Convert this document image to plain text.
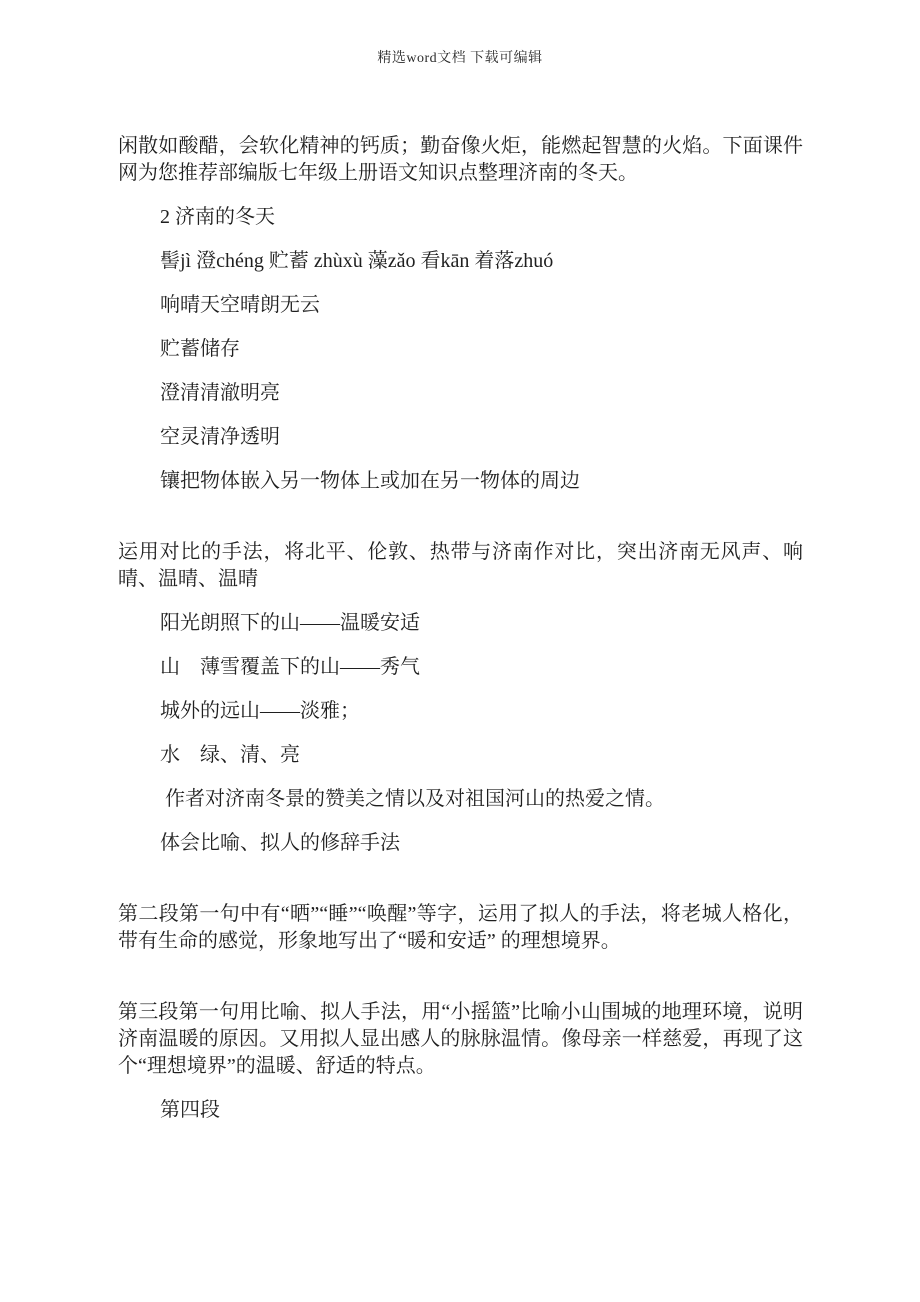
精选word文档 下载可编辑

闲散如酸醋，会软化精神的钙质；勤奋像火炬，能燃起智慧的火焰。下面课件网为您推荐部编版七年级上册语文知识点整理济南的冬天。

2 济南的冬天

髻jì 澄chéng 贮蓄 zhùxù 藻zǎo 看kān 着落zhuó

响晴天空晴朗无云

贮蓄储存

澄清清澈明亮

空灵清净透明

镶把物体嵌入另一物体上或加在另一物体的周边

运用对比的手法，将北平、伦敦、热带与济南作对比，突出济南无风声、响晴、温晴、温晴

阳光朗照下的山——温暖安适

山　薄雪覆盖下的山——秀气

城外的远山——淡雅；

水　绿、清、亮

作者对济南冬景的赞美之情以及对祖国河山的热爱之情。

体会比喻、拟人的修辞手法

第二段第一句中有“晒”“睡”“唤醒”等字，运用了拟人的手法，将老城人格化，带有生命的感觉，形象地写出了“暖和安适” 的理想境界。

第三段第一句用比喻、拟人手法，用“小摇篮”比喻小山围城的地理环境，说明济南温暖的原因。又用拟人显出感人的脉脉温情。像母亲一样慈爱，再现了这个“理想境界”的温暖、舒适的特点。

第四段
